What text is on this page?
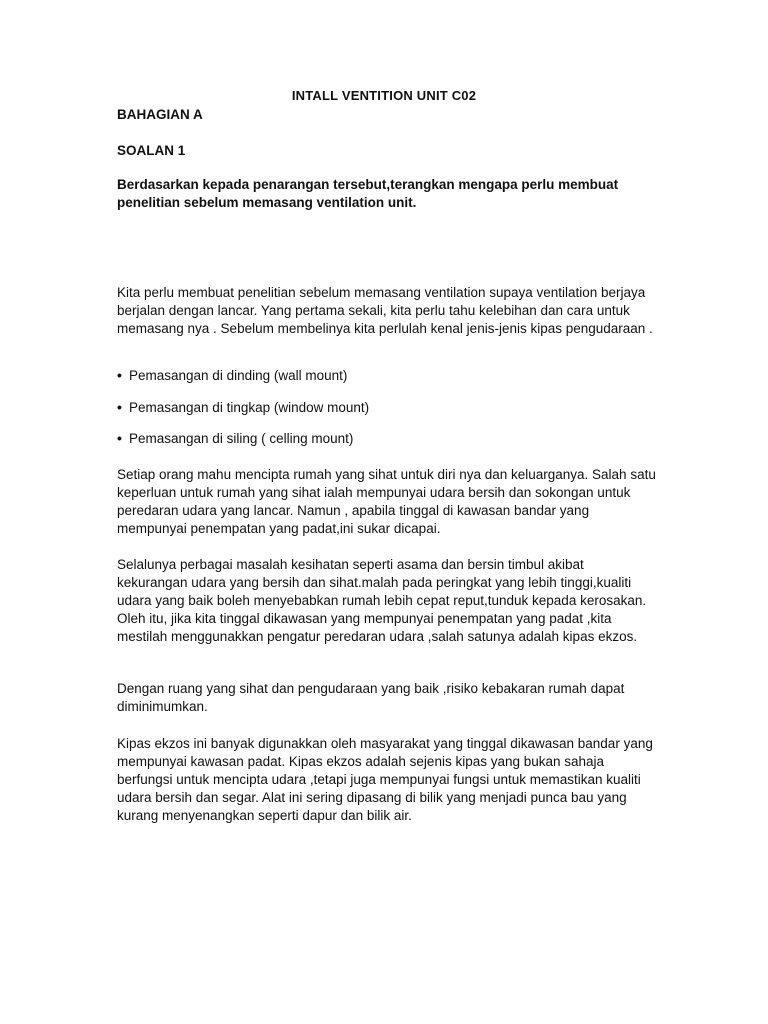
INTALL VENTITION UNIT C02
BAHAGIAN A
SOALAN 1
Berdasarkan kepada penarangan tersebut,terangkan mengapa perlu membuat penelitian sebelum memasang ventilation unit.
Kita perlu membuat penelitian sebelum memasang ventilation supaya ventilation berjaya berjalan dengan lancar. Yang pertama sekali, kita perlu tahu kelebihan dan cara untuk memasang nya . Sebelum membelinya kita perlulah kenal jenis-jenis kipas pengudaraan .
• Pemasangan di dinding (wall mount)
• Pemasangan di tingkap (window mount)
• Pemasangan di siling ( celling mount)
Setiap orang mahu mencipta rumah yang sihat untuk diri nya dan keluarganya. Salah satu keperluan untuk rumah yang sihat ialah mempunyai udara bersih dan sokongan untuk peredaran udara yang lancar. Namun , apabila tinggal di kawasan bandar yang mempunyai penempatan yang padat,ini sukar dicapai.
Selalunya perbagai masalah kesihatan seperti asama dan bersin timbul akibat kekurangan udara yang bersih dan sihat.malah pada peringkat yang lebih tinggi,kualiti udara yang baik boleh menyebabkan rumah lebih cepat reput,tunduk kepada kerosakan. Oleh itu, jika kita tinggal dikawasan yang mempunyai penempatan yang padat ,kita mestilah menggunakkan pengatur peredaran udara ,salah satunya adalah kipas ekzos.
Dengan ruang yang sihat dan pengudaraan yang baik ,risiko kebakaran rumah dapat diminimumkan.
Kipas ekzos ini banyak digunakkan oleh masyarakat yang tinggal dikawasan bandar yang mempunyai kawasan padat. Kipas ekzos adalah sejenis kipas yang bukan sahaja berfungsi untuk mencipta udara ,tetapi juga mempunyai fungsi untuk memastikan kualiti udara bersih dan segar. Alat ini sering dipasang di bilik yang menjadi punca bau yang kurang menyenangkan seperti dapur dan bilik air.
